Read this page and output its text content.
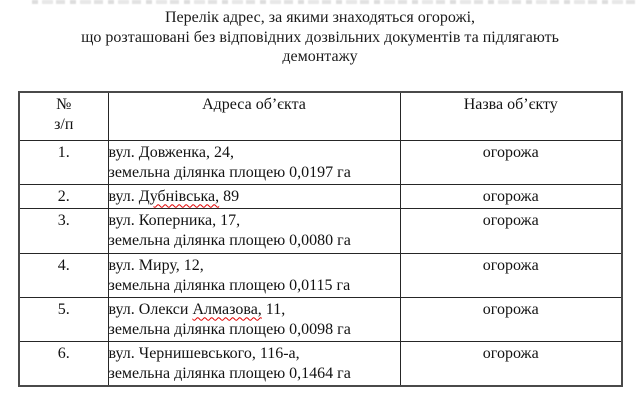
Перелік адрес, за якими знаходяться огорожі,
що розташовані без відповідних дозвільних документів та підлягають
демонтажу
№
з/п	Адреса об’єкта	Назва об’єкту
1.	вул. Довженка, 24,
земельна ділянка площею 0,0197 га	огорожа
2.	вул. Дубнівська, 89	огорожа
3.	вул. Коперника, 17,
земельна ділянка площею 0,0080 га	огорожа
4.	вул. Миру, 12,
земельна ділянка площею 0,0115 га	огорожа
5.	вул. Олекси Алмазова, 11,
земельна ділянка площею 0,0098 га	огорожа
6.	вул. Чернишевського, 116-а,
земельна ділянка площею 0,1464 га	огорожа
